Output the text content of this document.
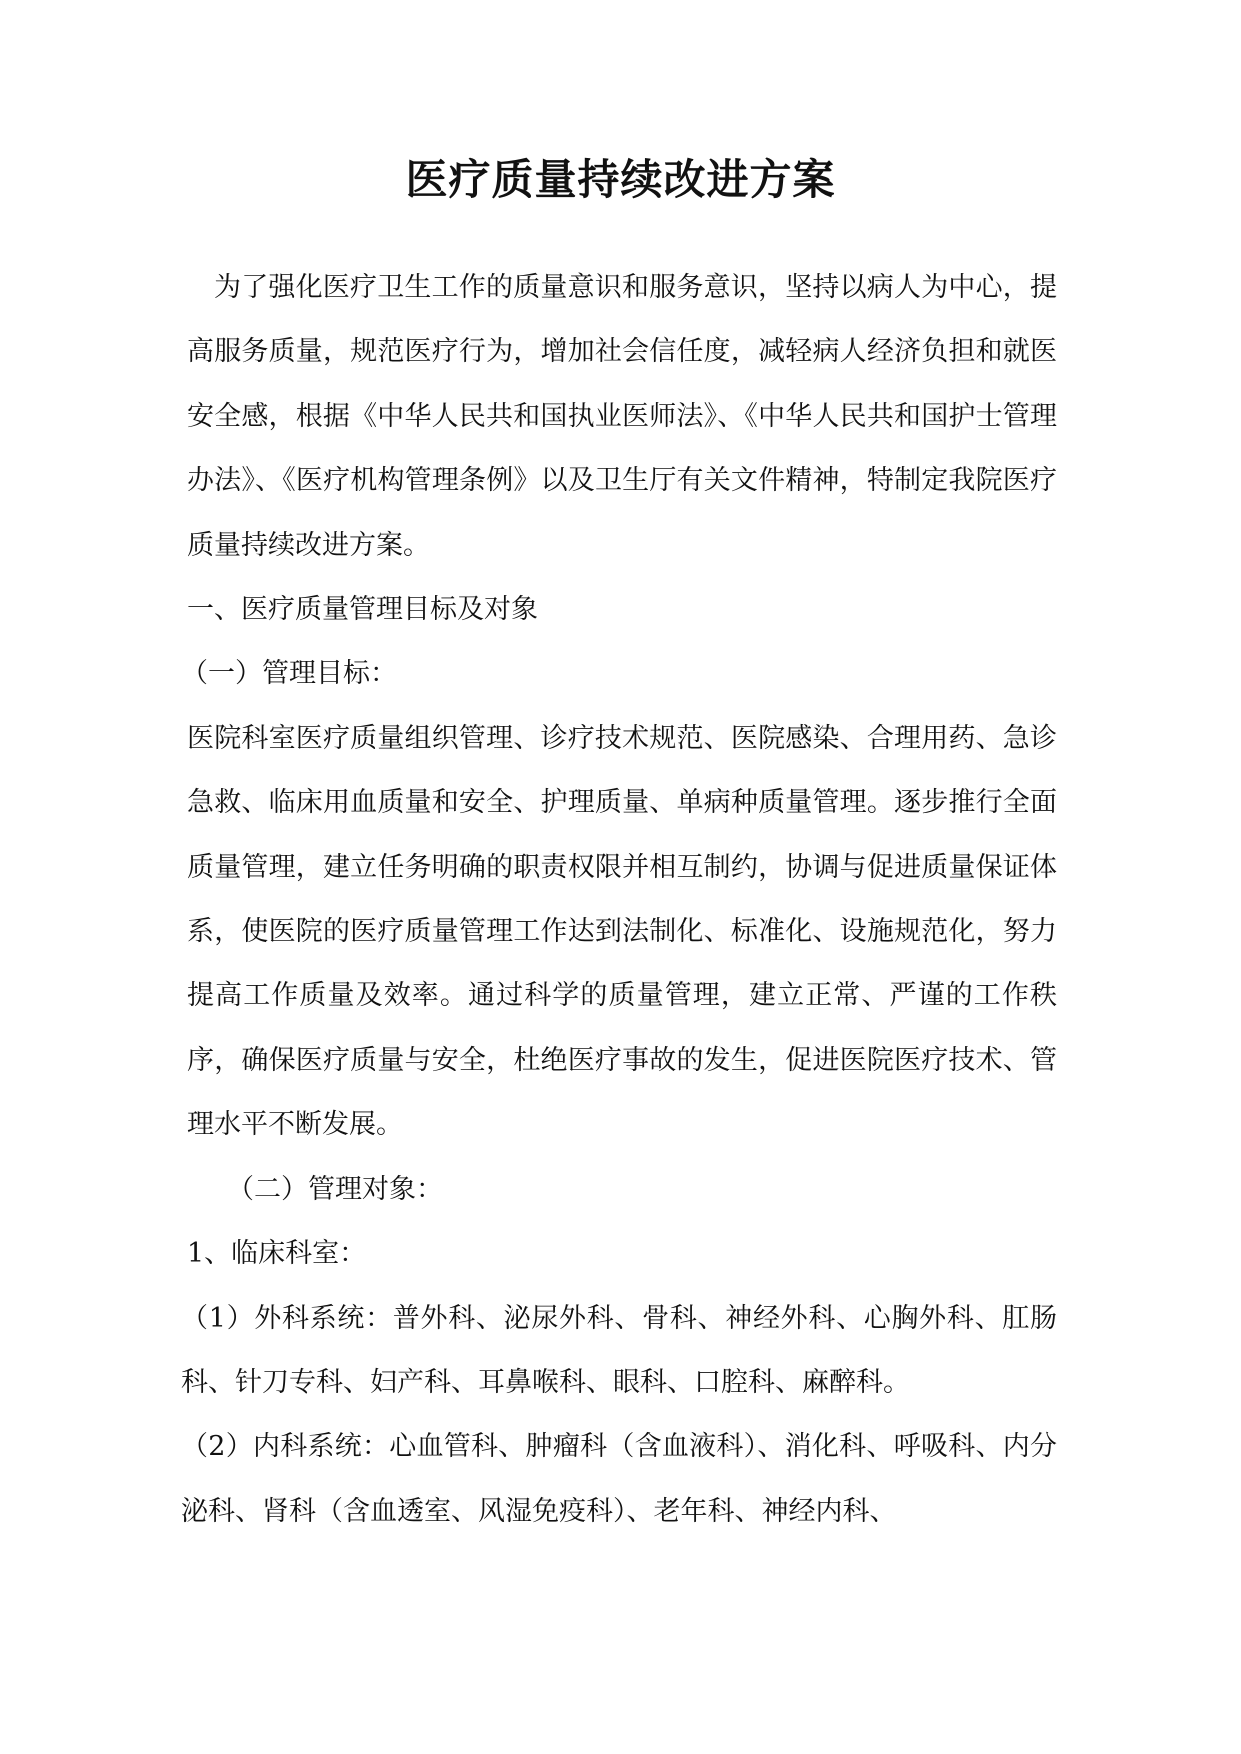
医疗质量持续改进方案

为了强化医疗卫生工作的质量意识和服务意识，坚持以病人为中心，提高服务质量，规范医疗行为，增加社会信任度，减轻病人经济负担和就医安全感，根据《中华人民共和国执业医师法》、《中华人民共和国护士管理办法》、《医疗机构管理条例》以及卫生厅有关文件精神，特制定我院医疗质量持续改进方案。

一、医疗质量管理目标及对象

（一）管理目标：

医院科室医疗质量组织管理、诊疗技术规范、医院感染、合理用药、急诊急救、临床用血质量和安全、护理质量、单病种质量管理。逐步推行全面质量管理，建立任务明确的职责权限并相互制约，协调与促进质量保证体系，使医院的医疗质量管理工作达到法制化、标准化、设施规范化，努力提高工作质量及效率。通过科学的质量管理，建立正常、严谨的工作秩序，确保医疗质量与安全，杜绝医疗事故的发生，促进医院医疗技术、管理水平不断发展。

（二）管理对象：

1、临床科室：

（1）外科系统：普外科、泌尿外科、骨科、神经外科、心胸外科、肛肠科、针刀专科、妇产科、耳鼻喉科、眼科、口腔科、麻醉科。

（2）内科系统：心血管科、肿瘤科（含血液科）、消化科、呼吸科、内分泌科、肾科（含血透室、风湿免疫科）、老年科、神经内科、
